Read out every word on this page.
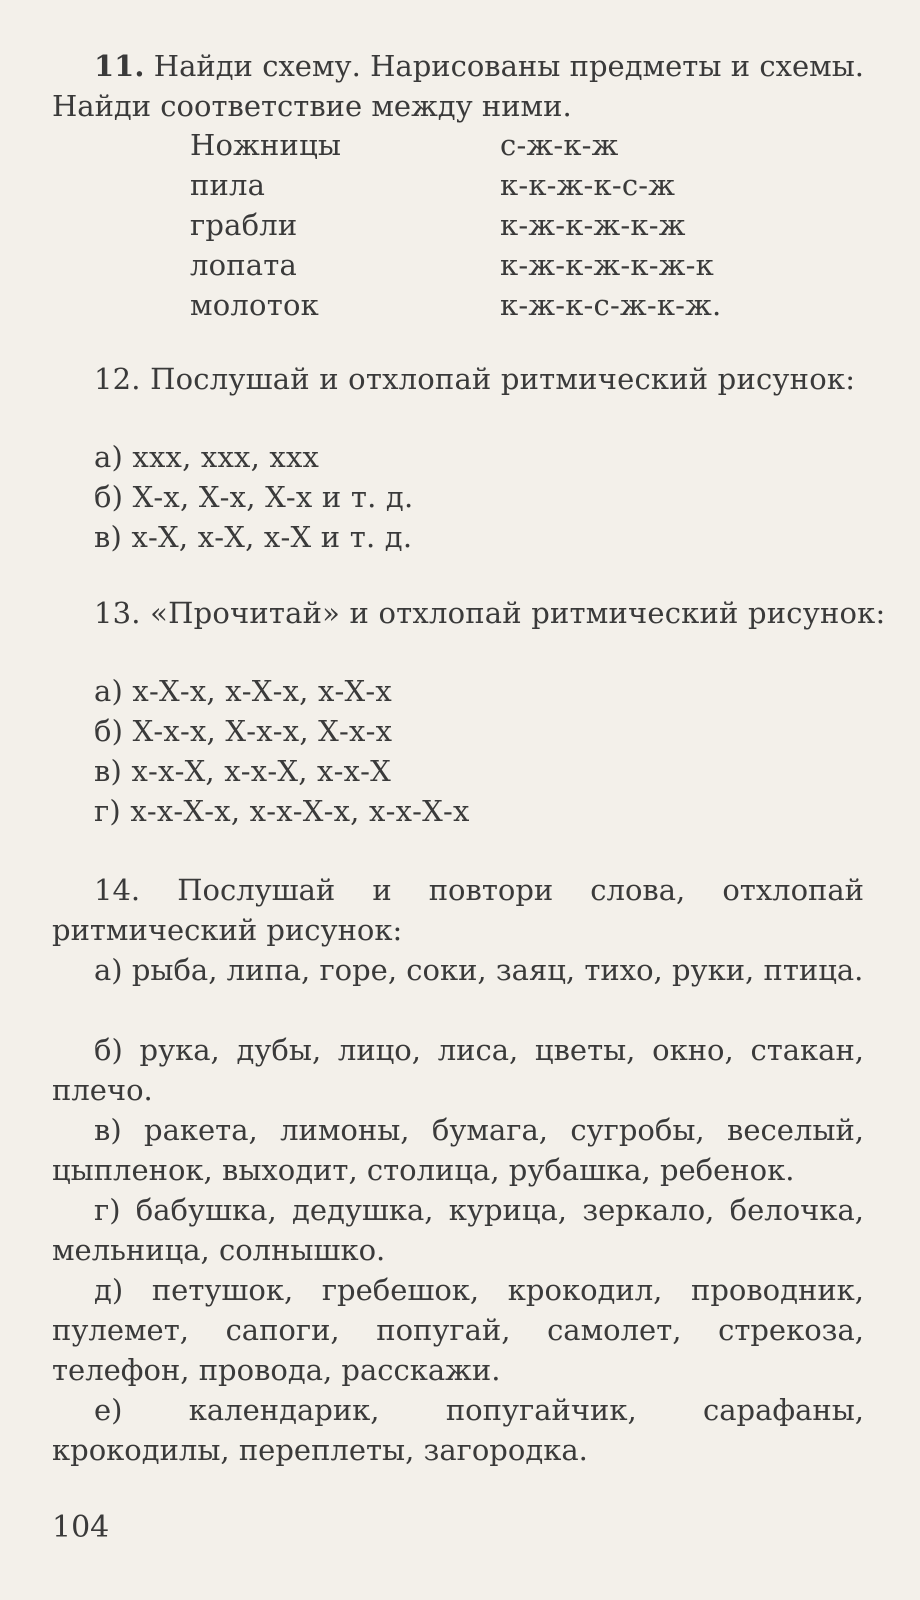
11. Найди схему. Нарисованы предметы и схемы. Найди соответствие между ними.
Ножницы
пила
грабли
лопата
молоток
с-ж-к-ж
к-к-ж-к-с-ж
к-ж-к-ж-к-ж
к-ж-к-ж-к-ж-к
к-ж-к-с-ж-к-ж.
12. Послушай и отхлопай ритмический рисунок:
а) ххх, ххх, ххх
б) Х-х, Х-х, Х-х и т. д.
в) х-Х, х-Х, х-Х и т. д.
13. «Прочитай» и отхлопай ритмический рисунок:
а) х-Х-х, х-Х-х, х-Х-х
б) Х-х-х, Х-х-х, Х-х-х
в) х-х-Х, х-х-Х, х-х-Х
г) х-х-Х-х, х-х-Х-х, х-х-Х-х
14. Послушай и повтори слова, отхлопай ритмический рисунок:
а) рыба, липа, горе, соки, заяц, тихо, руки, птица.
б) рука, дубы, лицо, лиса, цветы, окно, стакан, плечо.
в) ракета, лимоны, бумага, сугробы, веселый, цыпленок, выходит, столица, рубашка, ребенок.
г) бабушка, дедушка, курица, зеркало, белочка, мельница, солнышко.
д) петушок, гребешок, крокодил, проводник, пулемет, сапоги, попугай, самолет, стрекоза, телефон, провода, расскажи.
е) календарик, попугайчик, сарафаны, крокодилы, переплеты, загородка.
104
